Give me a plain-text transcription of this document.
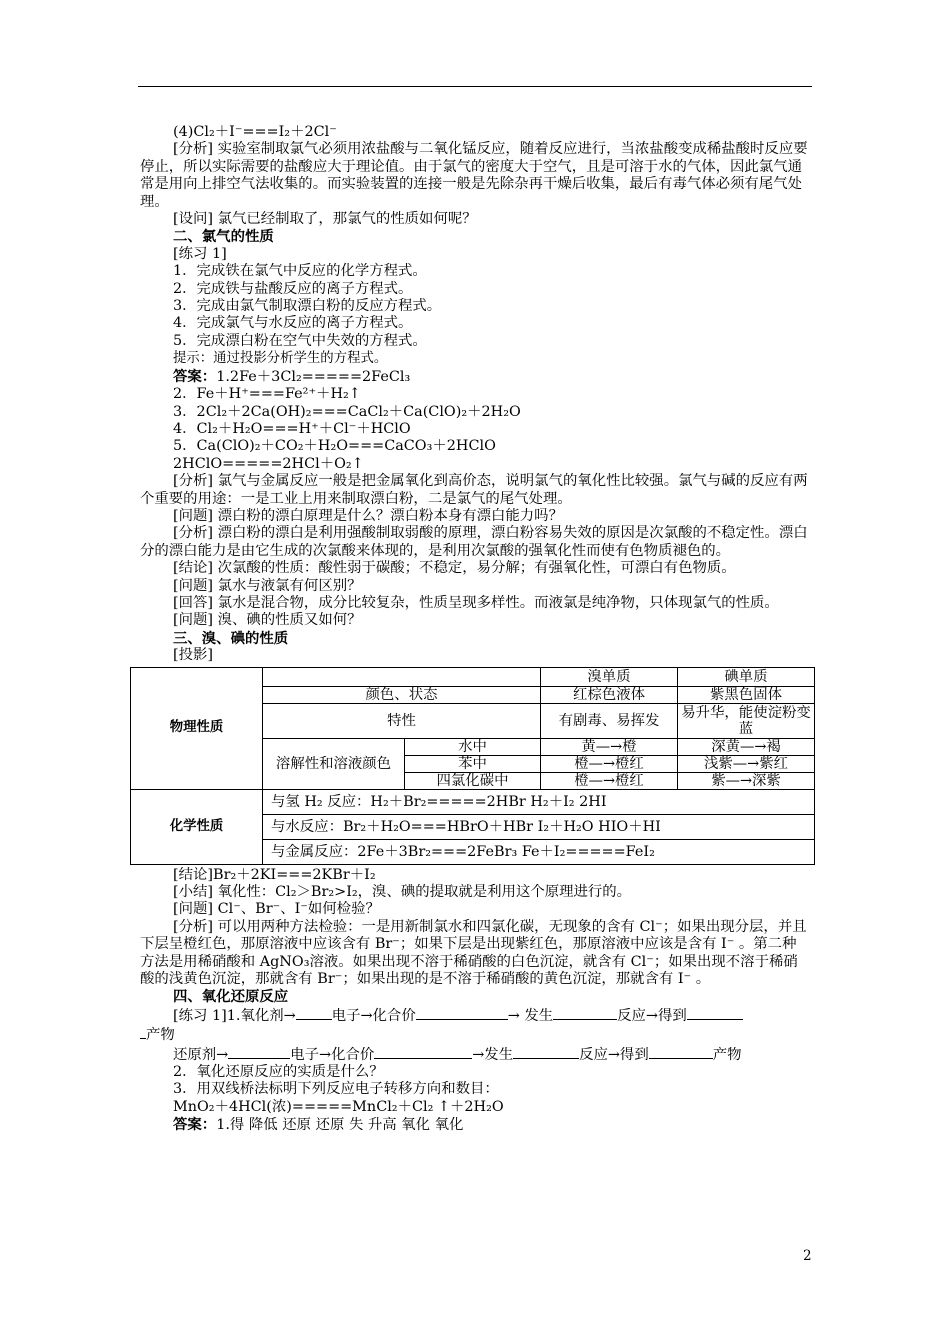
(4)Cl₂＋I⁻===I₂＋2Cl⁻

[分析] 实验室制取氯气必须用浓盐酸与二氧化锰反应，随着反应进行，当浓盐酸变成稀盐酸时反应要停止，所以实际需要的盐酸应大于理论值。由于氯气的密度大于空气，且是可溶于水的气体，因此氯气通常是用向上排空气法收集的。而实验装置的连接一般是先除杂再干燥后收集，最后有毒气体必须有尾气处理。

[设问] 氯气已经制取了，那氯气的性质如何呢？

二、氯气的性质

[练习 1]

1．完成铁在氯气中反应的化学方程式。

2．完成铁与盐酸反应的离子方程式。

3．完成由氯气制取漂白粉的反应方程式。

4．完成氯气与水反应的离子方程式。

5．完成漂白粉在空气中失效的方程式。

提示：通过投影分析学生的方程式。

答案：1.2Fe＋3Cl₂=====2FeCl₃

2．Fe＋H⁺===Fe²⁺＋H₂↑

3．2Cl₂＋2Ca(OH)₂===CaCl₂＋Ca(ClO)₂＋2H₂O

4．Cl₂＋H₂O===H⁺＋Cl⁻＋HClO

5．Ca(ClO)₂＋CO₂＋H₂O===CaCO₃＋2HClO

2HClO=====2HCl＋O₂↑

[分析] 氯气与金属反应一般是把金属氧化到高价态，说明氯气的氧化性比较强。氯气与碱的反应有两个重要的用途：一是工业上用来制取漂白粉，二是氯气的尾气处理。

[问题] 漂白粉的漂白原理是什么？漂白粉本身有漂白能力吗？

[分析] 漂白粉的漂白是利用强酸制取弱酸的原理，漂白粉容易失效的原因是次氯酸的不稳定性。漂白分的漂白能力是由它生成的次氯酸来体现的，是利用次氯酸的强氧化性而使有色物质褪色的。

[结论] 次氯酸的性质：酸性弱于碳酸；不稳定，易分解；有强氧化性，可漂白有色物质。

[问题] 氯水与液氯有何区别？

[回答] 氯水是混合物，成分比较复杂，性质呈现多样性。而液氯是纯净物，只体现氯气的性质。

[问题] 溴、碘的性质又如何？

三、溴、碘的性质

[投影]

物理性质			溴单质	碘单质
	颜色、状态		红棕色液体	紫黑色固体
	特性		有剧毒、易挥发	易升华，能使淀粉变蓝
	溶解性和溶液颜色	水中	黄—→橙	深黄—→褐
		苯中	橙—→橙红	浅紫—→紫红
		四氯化碳中	橙—→橙红	紫—→深紫
化学性质	与氢 H₂ 反应：H₂＋Br₂=====2HBr H₂＋I₂ 2HI			
	与水反应：Br₂＋H₂O===HBrO＋HBr I₂＋H₂O HIO＋HI			
	与金属反应：2Fe＋3Br₂===2FeBr₃ Fe＋I₂=====FeI₂			

[结论]Br₂＋2KI===2KBr＋I₂

[小结] 氧化性：Cl₂＞Br₂>I₂，溴、碘的提取就是利用这个原理进行的。

[问题] Cl⁻、Br⁻、I⁻如何检验？

[分析] 可以用两种方法检验：一是用新制氯水和四氯化碳，无现象的含有 Cl⁻；如果出现分层，并且下层呈橙红色，那原溶液中应该含有 Br⁻；如果下层是出现紫红色，那原溶液中应该是含有 I⁻ 。第二种方法是用稀硝酸和 AgNO₃溶液。如果出现不溶于稀硝酸的白色沉淀，就含有 Cl⁻；如果出现不溶于稀硝酸的浅黄色沉淀，那就含有 Br⁻；如果出现的是不溶于稀硝酸的黄色沉淀，那就含有 I⁻ 。

四、氧化还原反应

[练习 1]1.氧化剂→	电子→化合价	→ 发生	反应→得到
产物

还原剂→	电子→化合价	→发生	反应→得到	产物

2．氧化还原反应的实质是什么？

3．用双线桥法标明下列反应电子转移方向和数目：

MnO₂＋4HCl(浓)=====MnCl₂＋Cl₂ ↑＋2H₂O

答案：1.得 降低 还原 还原 失 升高 氧化 氧化

2
